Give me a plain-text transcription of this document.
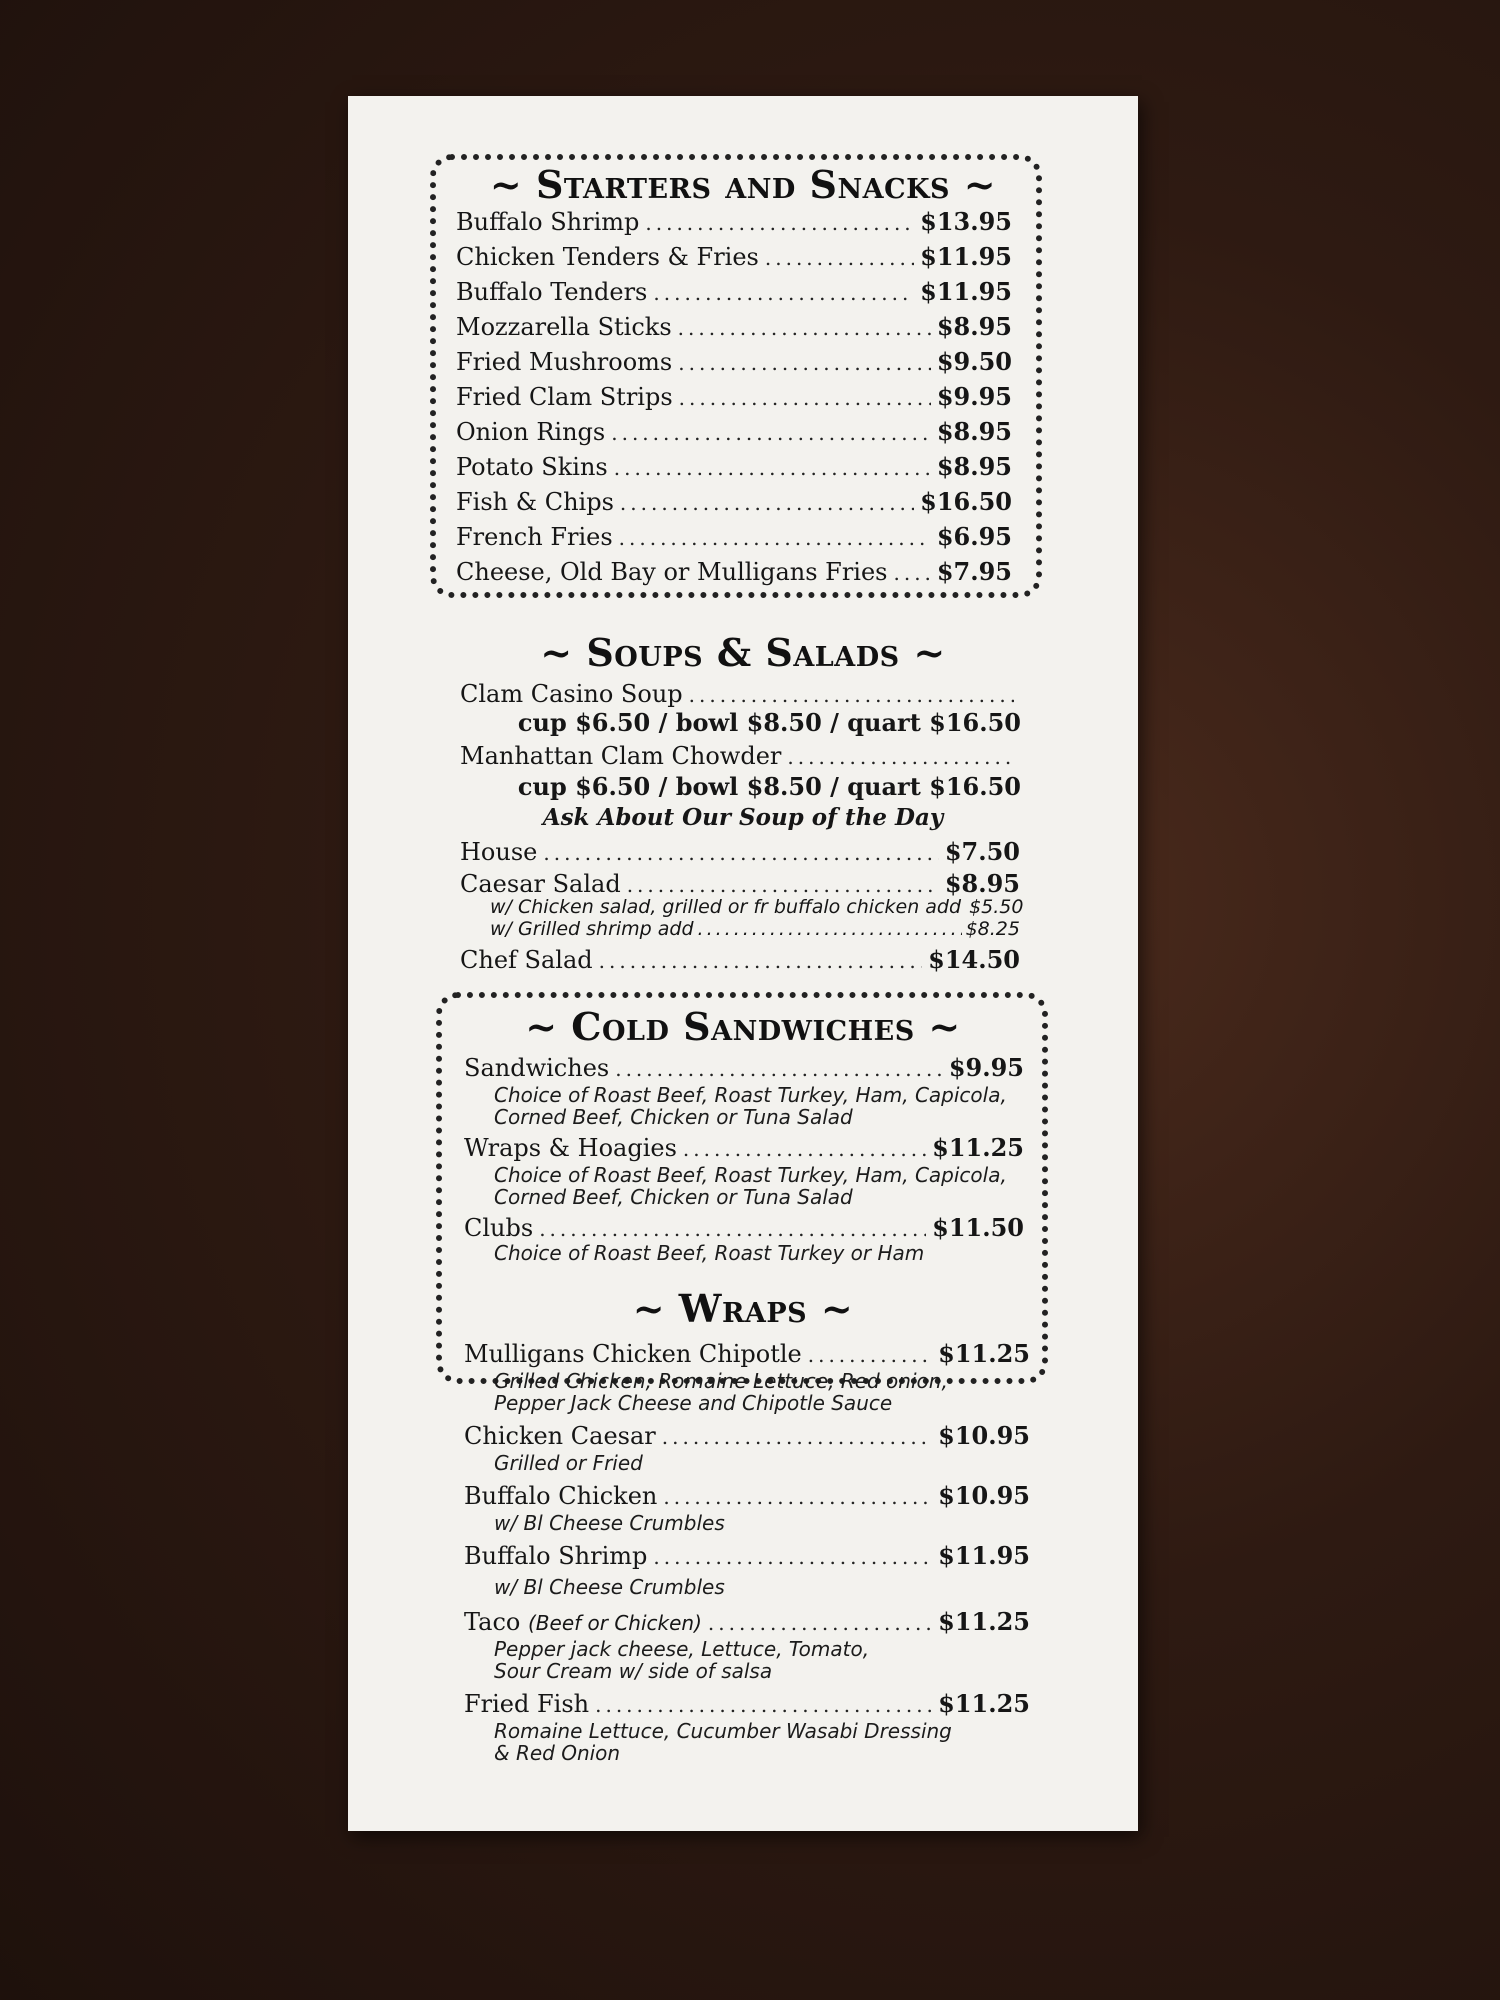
~ Starters and Snacks ~
Buffalo Shrimp .....	$13.95
Chicken Tenders & Fries .....	$11.95
Buffalo Tenders .....	$11.95
Mozzarella Sticks .....	$8.95
Fried Mushrooms .....	$9.50
Fried Clam Strips .....	$9.95
Onion Rings .....	$8.95
Potato Skins .....	$8.95
Fish & Chips .....	$16.50
French Fries .....	$6.95
Cheese, Old Bay or Mulligans Fries ..... $7.95
~ Soups & Salads ~
Clam Casino Soup
.....
cup $6.50 / bowl $8.50 / quart $16.50
Manhattan Clam Chowder
.....
cup $6.50 / bowl $8.50 / quart $16.50
Ask About Our Soup of the Day
House .....	$7.50
Caesar Salad .....	$8.95
w/ Chicken salad, grilled or fr buffalo chicken add $5.50
w/ Grilled shrimp add .....	$8.25
Chef Salad .....	$14.50
~ Cold Sandwiches ~
Sandwiches .....	$9.95
Choice of Roast Beef, Roast Turkey, Ham, Capicola,
Corned Beef, Chicken or Tuna Salad
Wraps & Hoagies .....	$11.25
Choice of Roast Beef, Roast Turkey, Ham, Capicola,
Corned Beef, Chicken or Tuna Salad
Clubs .....	$11.50
Choice of Roast Beef, Roast Turkey or Ham
~ Wraps ~
Mulligans Chicken Chipotle .....	$11.25
Grilled Chicken, Romaine Lettuce, Red onion,
Pepper Jack Cheese and Chipotle Sauce
Chicken Caesar .....	$10.95
Grilled or Fried
Buffalo Chicken .....	$10.95
w/ Bl Cheese Crumbles
Buffalo Shrimp .....	$11.95
w/ Bl Cheese Crumbles
Taco (Beef or Chicken) .....	$11.25
Pepper jack cheese, Lettuce, Tomato,
Sour Cream w/ side of salsa
Fried Fish .....	$11.25
Romaine Lettuce, Cucumber Wasabi Dressing
& Red Onion
